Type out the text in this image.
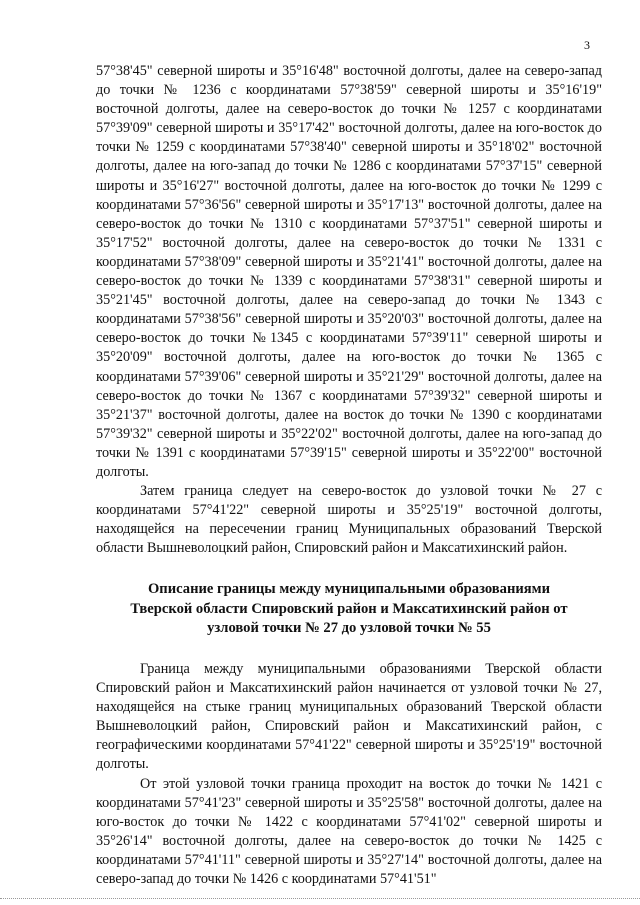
3

57°38'45" северной широты и 35°16'48" восточной долготы, далее на северо-запад до точки № 1236 с координатами 57°38'59" северной широты и 35°16'19" восточной долготы, далее на северо-восток до точки № 1257 с координатами 57°39'09" северной широты и 35°17'42" восточной долготы, далее на юго-восток до точки № 1259 с координатами 57°38'40" северной широты и 35°18'02" восточной долготы, далее на юго-запад до точки № 1286 с координатами 57°37'15" северной широты и 35°16'27" восточной долготы, далее на юго-восток до точки № 1299 с координатами 57°36'56" северной широты и 35°17'13" восточной долготы, далее на северо-восток до точки № 1310 с координатами 57°37'51" северной широты и 35°17'52" восточной долготы, далее на северо-восток до точки № 1331 с координатами 57°38'09" северной широты и 35°21'41" восточной долготы, далее на северо-восток до точки № 1339 с координатами 57°38'31" северной широты и 35°21'45" восточной долготы, далее на северо-запад до точки № 1343 с координатами 57°38'56" северной широты и 35°20'03" восточной долготы, далее на северо-восток до точки №1345 с координатами 57°39'11" северной широты и 35°20'09" восточной долготы, далее на юго-восток до точки № 1365 с координатами 57°39'06" северной широты и 35°21'29" восточной долготы, далее на северо-восток до точки № 1367 с координатами 57°39'32" северной широты и 35°21'37" восточной долготы, далее на восток до точки № 1390 с координатами 57°39'32" северной широты и 35°22'02" восточной долготы, далее на юго-запад до точки № 1391 с координатами 57°39'15" северной широты и 35°22'00" восточной долготы.

Затем граница следует на северо-восток до узловой точки № 27 с координатами 57°41'22" северной широты и 35°25'19" восточной долготы, находящейся на пересечении границ Муниципальных образований Тверской области Вышневолоцкий район, Спировский район и Максатихинский район.

Описание границы между муниципальными образованиями
Тверской области Спировский район и Максатихинский район от
узловой точки № 27 до узловой точки № 55

Граница между муниципальными образованиями Тверской области Спировский район и Максатихинский район начинается от узловой точки № 27, находящейся на стыке границ муниципальных образований Тверской области Вышневолоцкий район, Спировский район и Максатихинский район, с географическими координатами 57°41'22" северной широты и 35°25'19" восточной долготы.

От этой узловой точки граница проходит на восток до точки № 1421 с координатами 57°41'23" северной широты и 35°25'58" восточной долготы, далее на юго-восток до точки № 1422 с координатами 57°41'02" северной широты и 35°26'14" восточной долготы, далее на северо-восток до точки № 1425 с координатами 57°41'11" северной широты и 35°27'14" восточной долготы, далее на северо-запад до точки № 1426 с координатами 57°41'51"
